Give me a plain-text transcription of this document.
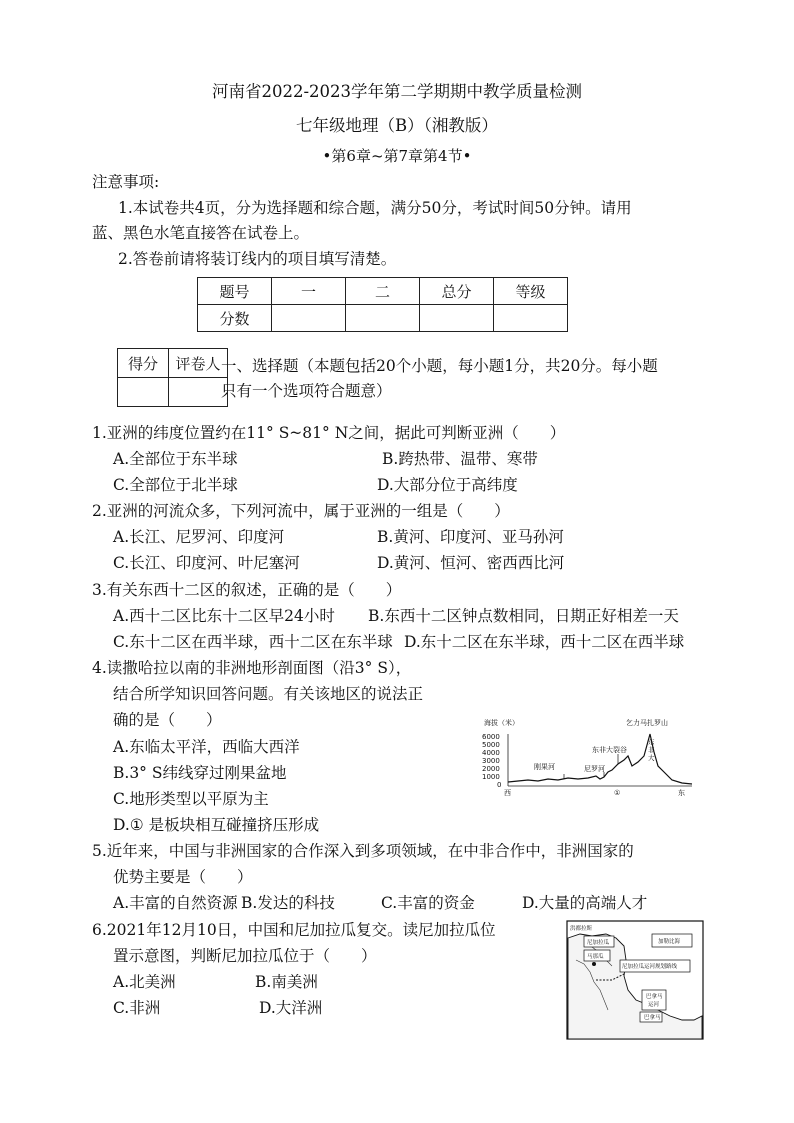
河南省2022-2023学年第二学期期中教学质量检测
七年级地理（B）（湘教版）
•第6章~第7章第4节•
注意事项:
1.本试卷共4页，分为选择题和综合题，满分50分，考试时间50分钟。请用
蓝、黑色水笔直接答在试卷上。
2.答卷前请将装订线内的项目填写清楚。
题号	一	二	总分	等级
分数				
得分	评卷人
	一、选择题（本题包括20个小题，每小题1分，共20分。每小题
只有一个选项符合题意）
1.亚洲的纬度位置约在11° S~81° N之间，据此可判断亚洲（　　）
A.全部位于东半球	B.跨热带、温带、寒带
C.全部位于北半球	D.大部分位于高纬度
2.亚洲的河流众多，下列河流中，属于亚洲的一组是（　　）
A.长江、尼罗河、印度河	B.黄河、印度河、亚马孙河
C.长江、印度河、叶尼塞河	D.黄河、恒河、密西西比河
3.有关东西十二区的叙述，正确的是（　　）
A.西十二区比东十二区早24小时 B.东西十二区钟点数相同，日期正好相差一天
C.东十二区在西半球，西十二区在东半球 D.东十二区在东半球，西十二区在西半球
4.读撒哈拉以南的非洲地形剖面图（沿3° S），
结合所学知识回答问题。有关该地区的说法正
确的是（　　）
A.东临太平洋，西临大西洋
B.3° S纬线穿过刚果盆地
C.地形类型以平原为主
D.① 是板块相互碰撞挤压形成
海拔（米）	乞力马扎罗山
6000
5000
4000
3000
2000
1000
0
刚果河	尼罗河
东非大裂谷
①
西	东
东
非
大
5.近年来，中国与非洲国家的合作深入到多项领域，在中非合作中，非洲国家的
优势主要是（　　）
A.丰富的自然资源 B.发达的科技	C.丰富的资金	D.大量的高端人才
6.2021年12月10日，中国和尼加拉瓜复交。读尼加拉瓜位
置示意图，判断尼加拉瓜位于（　　）
A.北美洲	B.南美洲
C.非洲	D.大洋洲
洪都拉斯
尼加拉瓜
马那瓜
加勒比海
尼加拉瓜运河规划路线
巴拿马
巴拿马
运河
